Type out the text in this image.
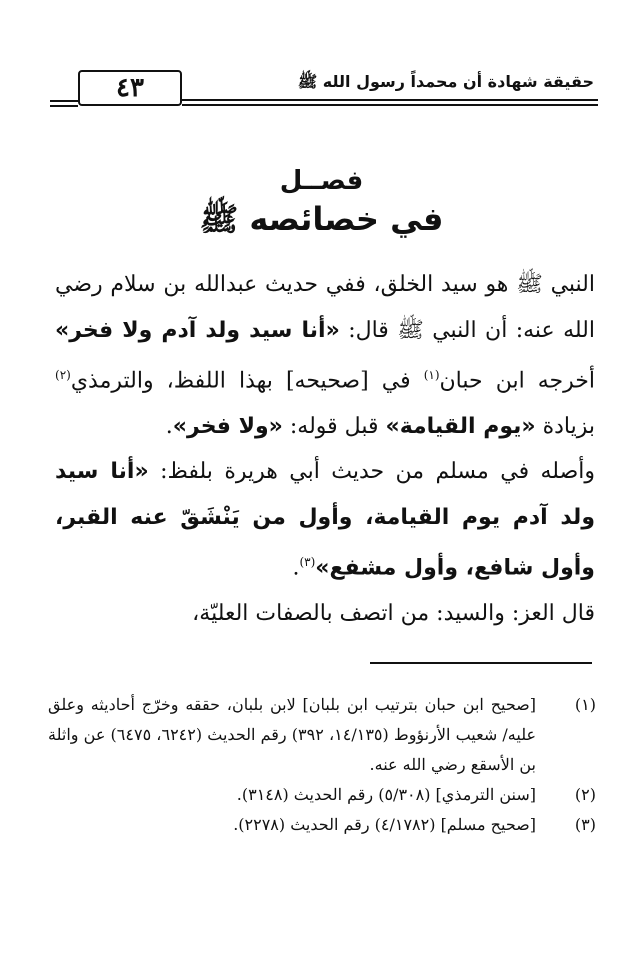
٤٣	حقيقة شهادة أن محمداً رسول الله ﷺ
فصــل
في خصائصه ﷺ

النبي ﷺ هو سيد الخلق، ففي حديث عبدالله بن سلام رضي الله عنه: أن النبي ﷺ قال: «أنا سيد ولد آدم ولا فخر» أخرجه ابن حبان$^{(١)}$ في [صحيحه] بهذا اللفظ، والترمذي$^{(٢)}$ بزيادة «يوم القيامة» قبل قوله: «ولا فخر».

وأصله في مسلم من حديث أبي هريرة بلفظ: «أنا سيد ولد آدم يوم القيامة، وأول من يَنْشَقّ عنه القبر، وأول شافع، وأول مشفع»$^{(٣)}$.

قال العز: والسيد: من اتصف بالصفات العليّة،

(١)
[صحيح ابن حبان بترتيب ابن بلبان] لابن بلبان، حققه وخرّج أحاديثه وعلق عليه/ شعيب الأرنؤوط (١٤/١٣٥، ٣٩٢) رقم الحديث (٦٢٤٢، ٦٤٧٥) عن واثلة بن الأسقع رضي الله عنه.
(٢)
[سنن الترمذي] (٥/٣٠٨) رقم الحديث (٣١٤٨).
(٣)
[صحيح مسلم] (٤/١٧٨٢) رقم الحديث (٢٢٧٨).
